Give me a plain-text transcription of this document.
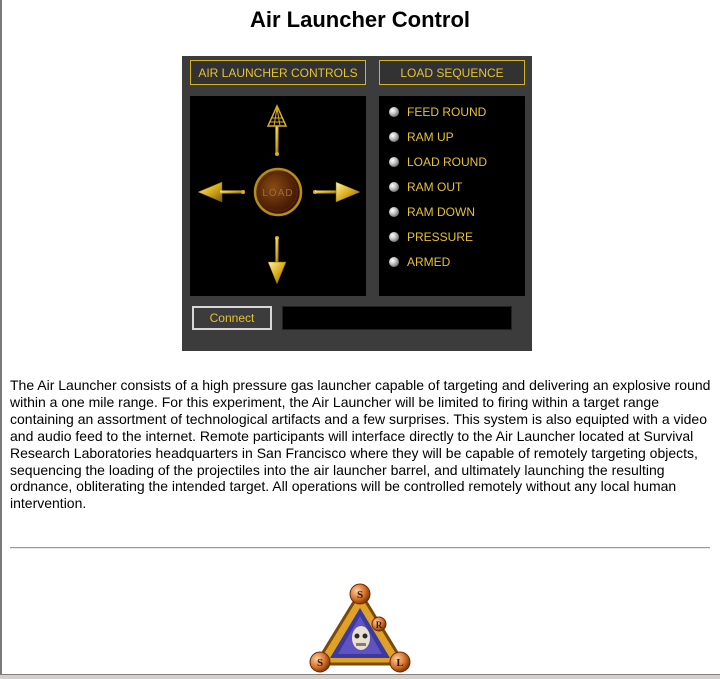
Air Launcher Control
AIR LAUNCHER CONTROLS	LOAD SEQUENCE
LOAD
FEED ROUND
RAM UP
LOAD ROUND
RAM OUT
RAM DOWN
PRESSURE
ARMED
Connect

The Air Launcher consists of a high pressure gas launcher capable of targeting and delivering an explosive round within a one mile range. For this experiment, the Air Launcher will be limited to firing within a target range containing an assortment of technological artifacts and a few surprises. This system is also equipted with a video and audio feed to the internet. Remote participants will interface directly to the Air Launcher located at Survival Research Laboratories headquarters in San Francisco where they will be capable of remotely targeting objects, sequencing the loading of the projectiles into the air launcher barrel, and ultimately launching the resulting ordnance, obliterating the intended target. All operations will be controlled remotely without any local human intervention.

S
R
S	L
